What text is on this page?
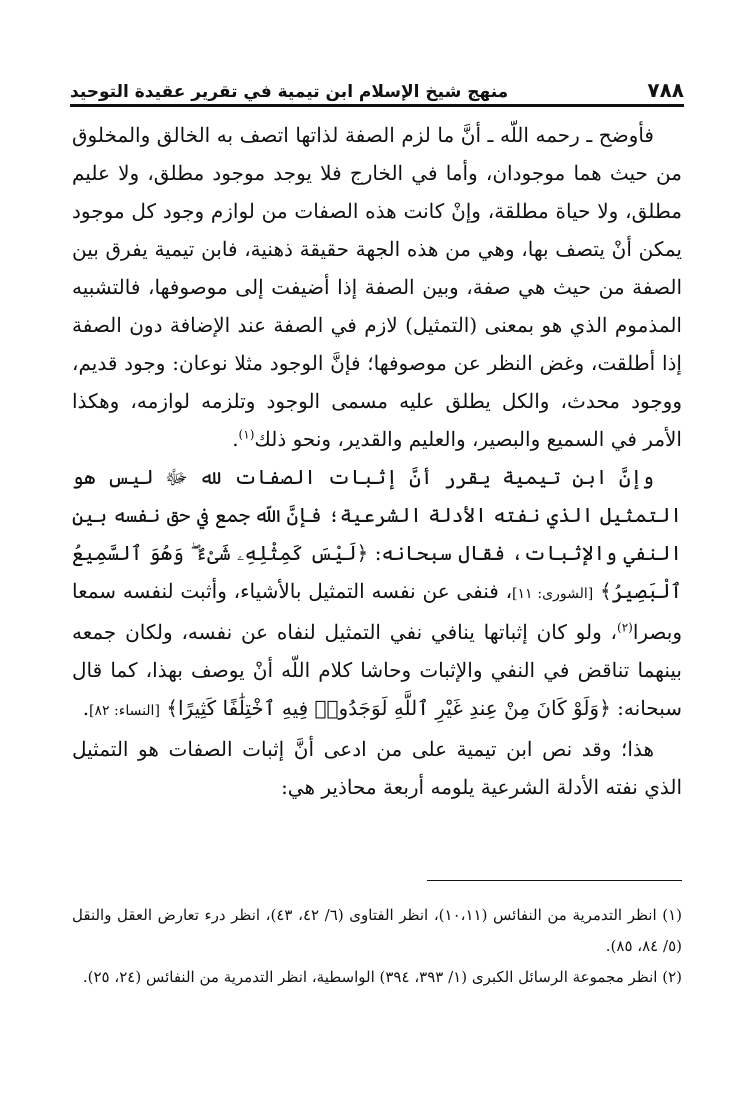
٧٨٨
منهج شيخ الإسلام ابن تيمية في تقرير عقيدة التوحيد

فأوضح ـ رحمه اللّه ـ أنَّ ما لزم الصفة لذاتها اتصف به الخالق والمخلوق من حيث هما موجودان، وأما في الخارج فلا يوجد موجود مطلق، ولا عليم مطلق، ولا حياة مطلقة، وإنْ كانت هذه الصفات من لوازم وجود كل موجود يمكن أنْ يتصف بها، وهي من هذه الجهة حقيقة ذهنية، فابن تيمية يفرق بين الصفة من حيث هي صفة، وبين الصفة إذا أضيفت إلى موصوفها، فالتشبيه المذموم الذي هو بمعنى (التمثيل) لازم في الصفة عند الإضافة دون الصفة إذا أطلقت، وغض النظر عن موصوفها؛ فإنَّ الوجود مثلا نوعان: وجود قديم، ووجود محدث، والكل يطلق عليه مسمى الوجود وتلزمه لوازمه، وهكذا الأمر في السميع والبصير، والعليم والقدير، ونحو ذلك$^{(١)}$.

وإنَّ ابن تيمية يقرر أنَّ إثبات الصفات لله ﷻ ليس هو التمثيل الذي نفته الأدلة الشرعية؛ فإنَّ اللّه جمع في حق نفسه بين النفي والإثبات، فقال سبحانه: ﴿لَيْسَ كَمِثْلِهِۦ شَىْءٌ ۖ وَهُوَ ٱلسَّمِيعُ ٱلْبَصِيرُ﴾ [الشورى: ١١]، فنفى عن نفسه التمثيل بالأشياء، وأثبت لنفسه سمعا وبصرا$^{(٢)}$، ولو كان إثباتها ينافي نفي التمثيل لنفاه عن نفسه، ولكان جمعه بينهما تناقض في النفي والإثبات وحاشا كلام اللّه أنْ يوصف بهذا، كما قال سبحانه: ﴿وَلَوْ كَانَ مِنْ عِندِ غَيْرِ ٱللَّهِ لَوَجَدُوا۟ فِيهِ ٱخْتِلَٰفًا كَثِيرًا﴾ [النساء: ٨٢].

هذا؛ وقد نص ابن تيمية على من ادعى أنَّ إثبات الصفات هو التمثيل الذي نفته الأدلة الشرعية يلومه أربعة محاذير هي:

(١) انظر التدمرية من النفائس (١٠،١١)، انظر الفتاوى (٦/ ٤٢، ٤٣)، انظر درء تعارض العقل والنقل (٥/ ٨٤، ٨٥).

(٢) انظر مجموعة الرسائل الكبرى (١/ ٣٩٣، ٣٩٤) الواسطية، انظر التدمرية من النفائس (٢٤، ٢٥).
